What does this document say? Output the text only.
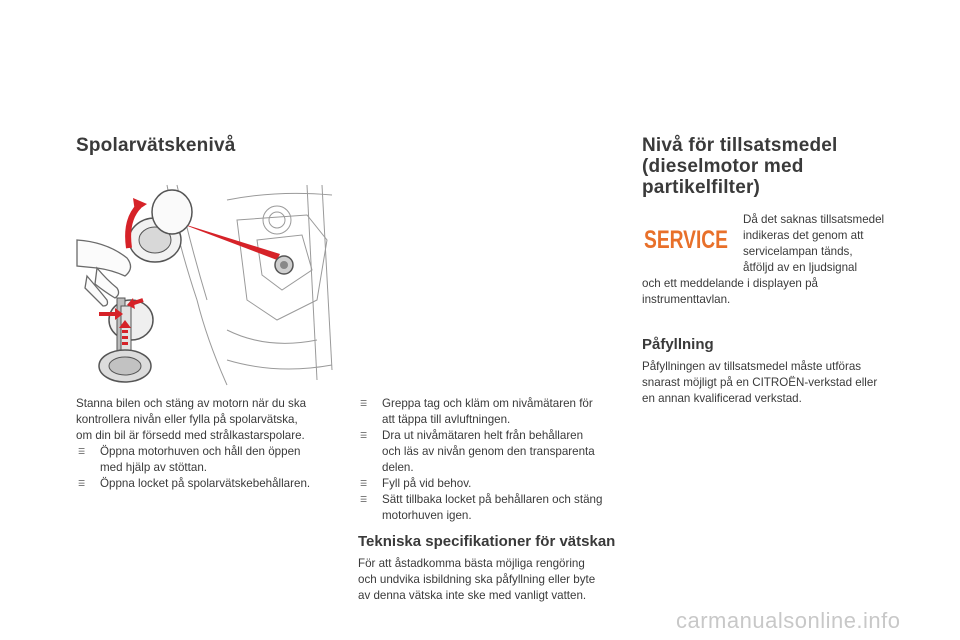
Spolarvätskenivå

Stanna bilen och stäng av motorn när du ska
kontrollera nivån eller fylla på spolarvätska,
om din bil är försedd med strålkastarspolare.

☰ Öppna motorhuven och håll den öppen
med hjälp av stöttan.
☰ Öppna locket på spolarvätskebehållaren.
☰ Greppa tag och kläm om nivåmätaren för
att täppa till avluftningen.
☰ Dra ut nivåmätaren helt från behållaren
och läs av nivån genom den transparenta
delen.
☰ Fyll på vid behov.
☰ Sätt tillbaka locket på behållaren och stäng
motorhuven igen.
Tekniska specifikationer för vätskan

För att åstadkomma bästa möjliga rengöring
och undvika isbildning ska påfyllning eller byte
av denna vätska inte ske med vanligt vatten.

Nivå för tillsatsmedel
(dieselmotor med
partikelfilter)
SERVICE

Då det saknas tillsatsmedel
indikeras det genom att
servicelampan tänds,
åtföljd av en ljudsignal

och ett meddelande i displayen på
instrumenttavlan.

Påfyllning

Påfyllningen av tillsatsmedel måste utföras
snarast möjligt på en CITROËN-verkstad eller
en annan kvalificerad verkstad.

carmanualsonline.info
